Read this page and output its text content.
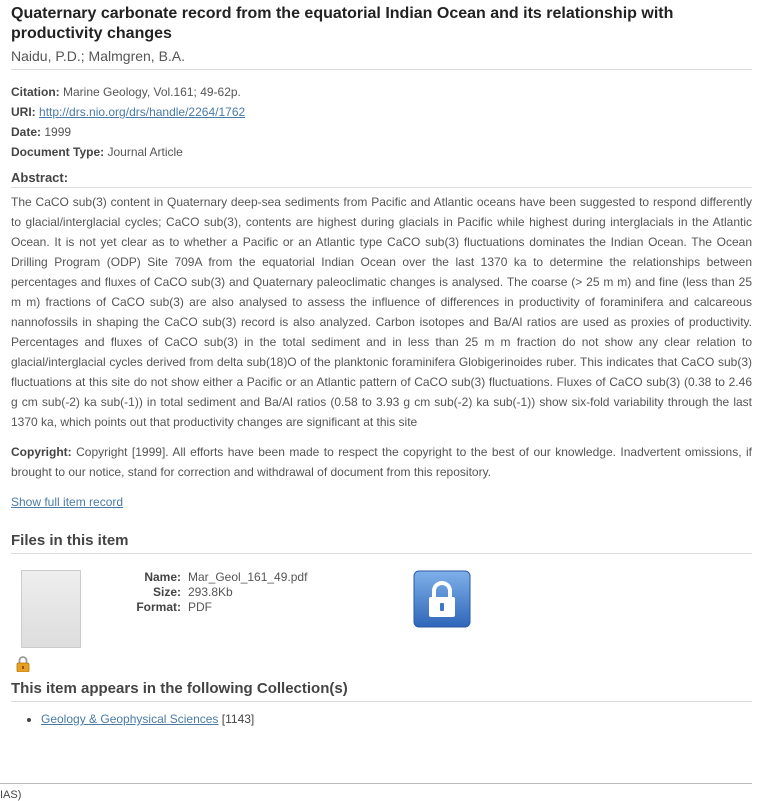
Quaternary carbonate record from the equatorial Indian Ocean and its relationship with productivity changes
Naidu, P.D.; Malmgren, B.A.
Citation: Marine Geology, Vol.161; 49-62p.
URI: http://drs.nio.org/drs/handle/2264/1762
Date: 1999
Document Type: Journal Article
Abstract:
The CaCO sub(3) content in Quaternary deep-sea sediments from Pacific and Atlantic oceans have been suggested to respond differently to glacial/interglacial cycles; CaCO sub(3), contents are highest during glacials in Pacific while highest during interglacials in the Atlantic Ocean. It is not yet clear as to whether a Pacific or an Atlantic type CaCO sub(3) fluctuations dominates the Indian Ocean. The Ocean Drilling Program (ODP) Site 709A from the equatorial Indian Ocean over the last 1370 ka to determine the relationships between percentages and fluxes of CaCO sub(3) and Quaternary paleoclimatic changes is analysed. The coarse (> 25 m m) and fine (less than 25 m m) fractions of CaCO sub(3) are also analysed to assess the influence of differences in productivity of foraminifera and calcareous nannofossils in shaping the CaCO sub(3) record is also analyzed. Carbon isotopes and Ba/Al ratios are used as proxies of productivity. Percentages and fluxes of CaCO sub(3) in the total sediment and in less than 25 m m fraction do not show any clear relation to glacial/interglacial cycles derived from delta sub(18)O of the planktonic foraminifera Globigerinoides ruber. This indicates that CaCO sub(3) fluctuations at this site do not show either a Pacific or an Atlantic pattern of CaCO sub(3) fluctuations. Fluxes of CaCO sub(3) (0.38 to 2.46 g cm sub(-2) ka sub(-1)) in total sediment and Ba/Al ratios (0.58 to 3.93 g cm sub(-2) ka sub(-1)) show six-fold variability through the last 1370 ka, which points out that productivity changes are significant at this site
Copyright: Copyright [1999]. All efforts have been made to respect the copyright to the best of our knowledge. Inadvertent omissions, if brought to our notice, stand for correction and withdrawal of document from this repository.
Show full item record
Files in this item
Name: Mar_Geol_161_49.pdf
Size: 293.8Kb
Format: PDF
This item appears in the following Collection(s)
• Geology & Geophysical Sciences [1143]
IAS)
